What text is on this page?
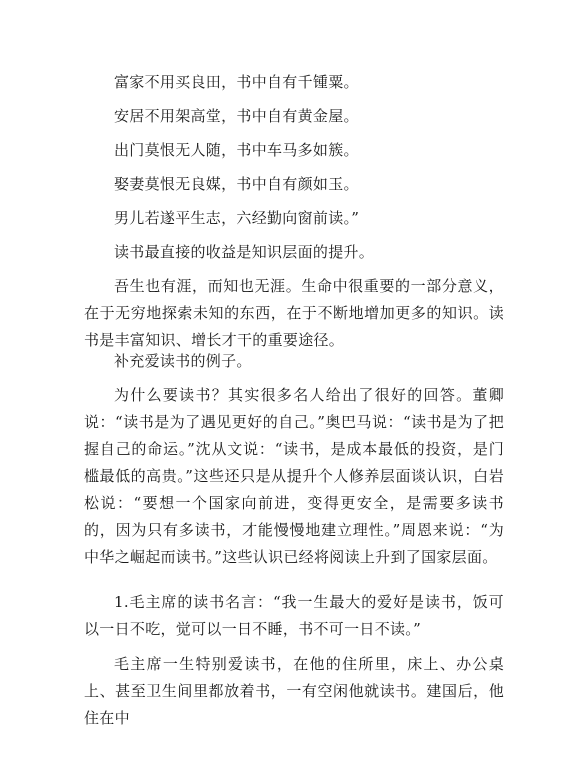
富家不用买良田，书中自有千锺粟。

安居不用架高堂，书中自有黄金屋。

出门莫恨无人随，书中车马多如簇。

娶妻莫恨无良媒，书中自有颜如玉。

男儿若遂平生志，六经勤向窗前读。”

读书最直接的收益是知识层面的提升。

吾生也有涯，而知也无涯。生命中很重要的一部分意义，在于无穷地探索未知的东西，在于不断地增加更多的知识。读书是丰富知识、增长才干的重要途径。

补充爱读书的例子。

为什么要读书？其实很多名人给出了很好的回答。董卿说：“读书是为了遇见更好的自己。”奥巴马说：“读书是为了把握自己的命运。”沈从文说：“读书，是成本最低的投资，是门槛最低的高贵。”这些还只是从提升个人修养层面谈认识，白岩松说：“要想一个国家向前进，变得更安全，是需要多读书的，因为只有多读书，才能慢慢地建立理性。”周恩来说：“为中华之崛起而读书。”这些认识已经将阅读上升到了国家层面。

1.毛主席的读书名言：“我一生最大的爱好是读书，饭可以一日不吃，觉可以一日不睡，书不可一日不读。”

毛主席一生特别爱读书，在他的住所里，床上、办公桌上、甚至卫生间里都放着书，一有空闲他就读书。建国后，他住在中
